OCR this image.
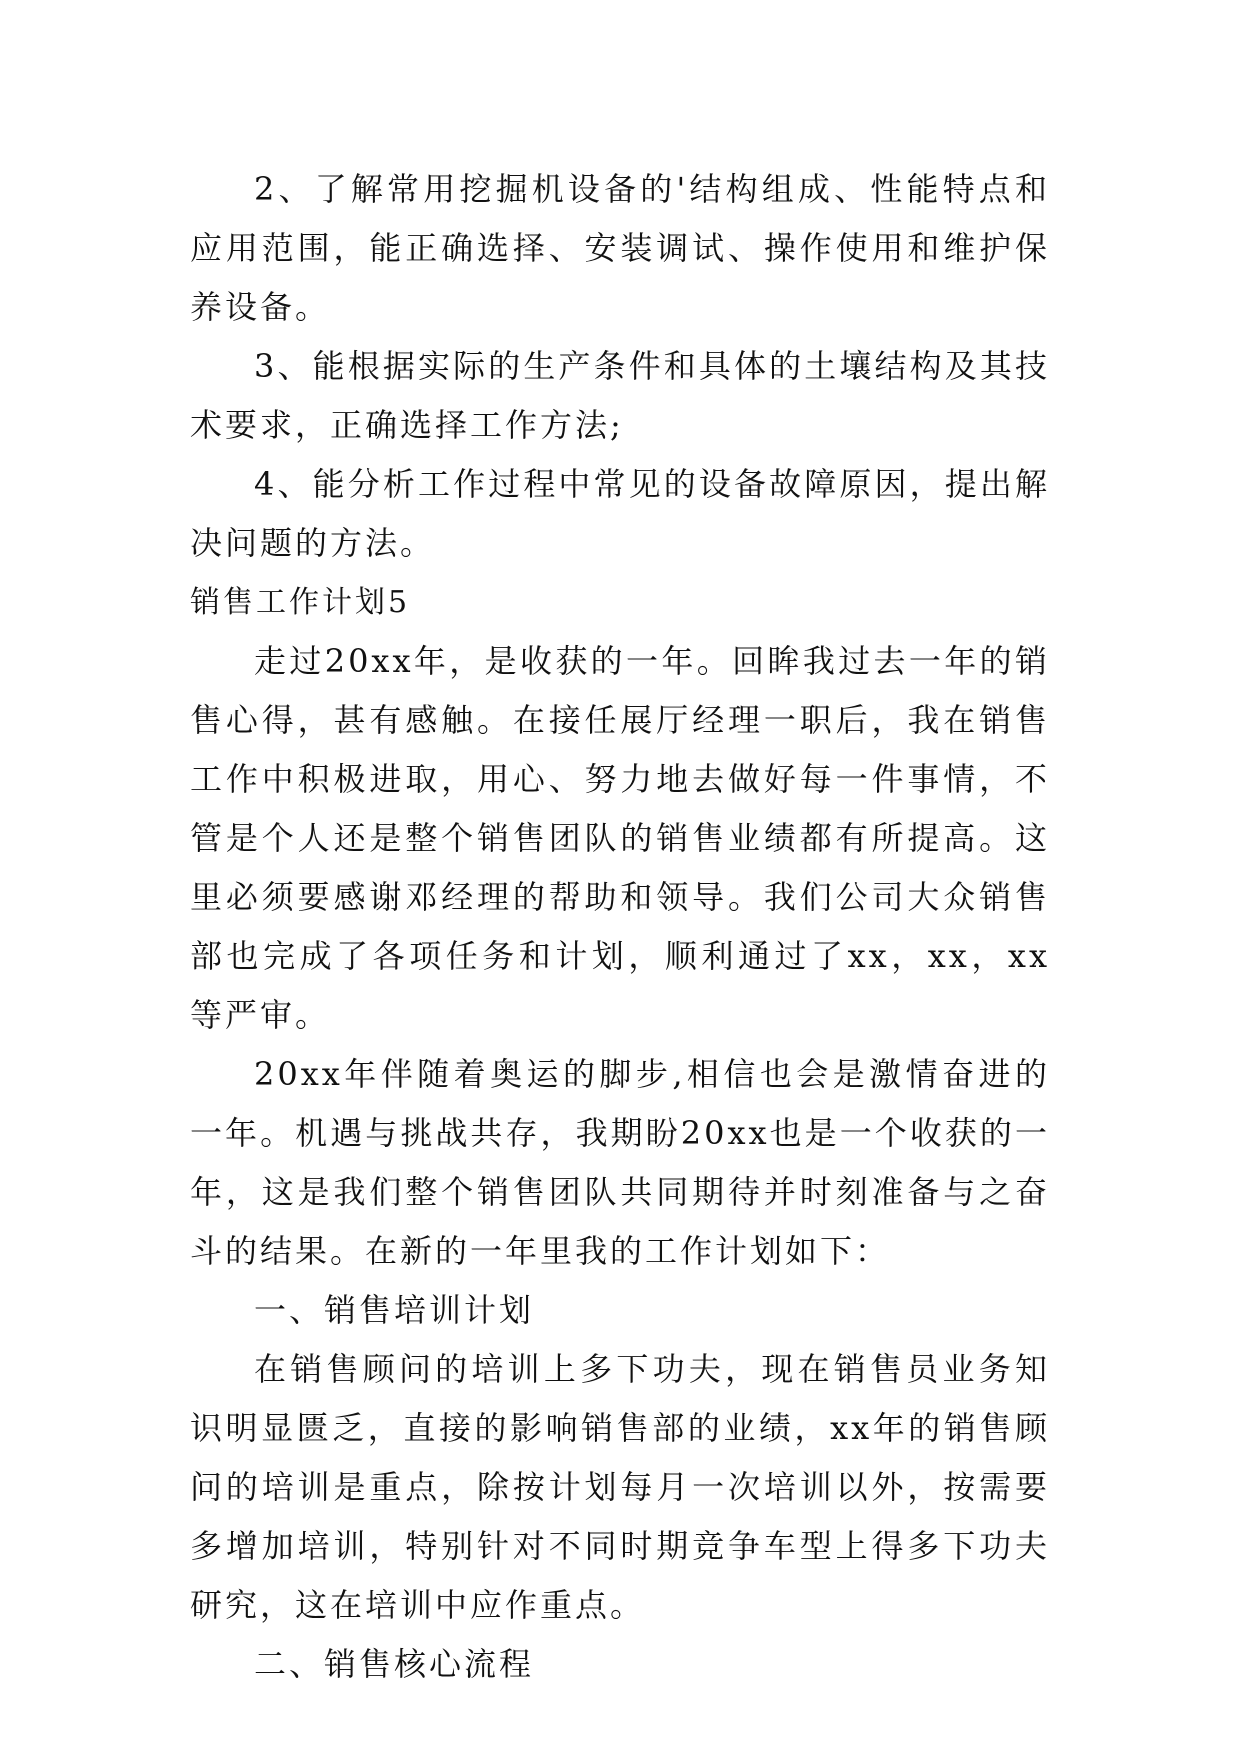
2、了解常用挖掘机设备的'结构组成、性能特点和应用范围，能正确选择、安装调试、操作使用和维护保养设备。

3、能根据实际的生产条件和具体的土壤结构及其技术要求，正确选择工作方法;

4、能分析工作过程中常见的设备故障原因，提出解决问题的方法。

销售工作计划5

走过20xx年，是收获的一年。回眸我过去一年的销售心得，甚有感触。在接任展厅经理一职后，我在销售工作中积极进取，用心、努力地去做好每一件事情，不管是个人还是整个销售团队的销售业绩都有所提高。这里必须要感谢邓经理的帮助和领导。我们公司大众销售部也完成了各项任务和计划，顺利通过了xx，xx，xx等严审。

20xx年伴随着奥运的脚步,相信也会是激情奋进的一年。机遇与挑战共存，我期盼20xx也是一个收获的一年，这是我们整个销售团队共同期待并时刻准备与之奋斗的结果。在新的一年里我的工作计划如下：

一、销售培训计划

在销售顾问的培训上多下功夫，现在销售员业务知识明显匮乏，直接的影响销售部的业绩，xx年的销售顾问的培训是重点，除按计划每月一次培训以外，按需要多增加培训，特别针对不同时期竞争车型上得多下功夫研究，这在培训中应作重点。

二、销售核心流程
